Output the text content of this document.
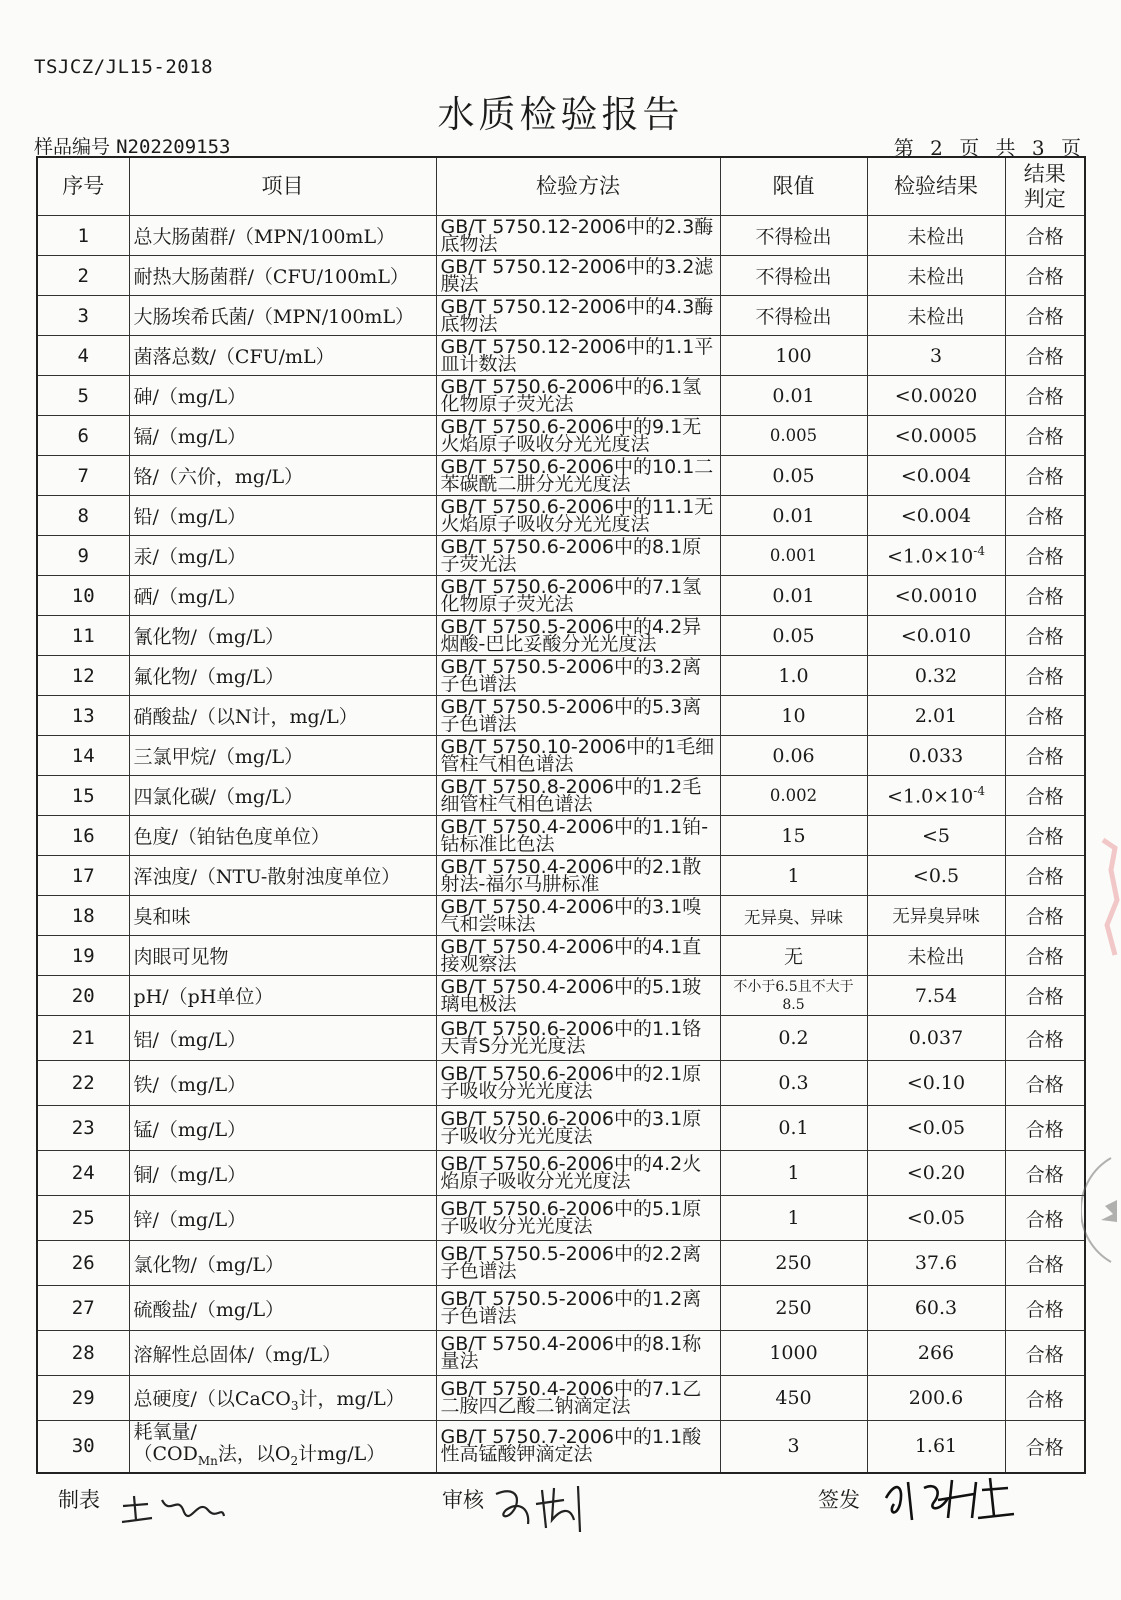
TSJCZ/JL15-2018
水质检验报告
样品编号 N202209153	第 2 页 共 3 页
序号	项目	检验方法	限值	检验结果	结果判定
1	总大肠菌群/（MPN/100mL）	GB/T 5750.12-2006中的2.3酶底物法	不得检出	未检出	合格
2	耐热大肠菌群/（CFU/100mL）	GB/T 5750.12-2006中的3.2滤膜法	不得检出	未检出	合格
3	大肠埃希氏菌/（MPN/100mL）	GB/T 5750.12-2006中的4.3酶底物法	不得检出	未检出	合格
4	菌落总数/（CFU/mL）	GB/T 5750.12-2006中的1.1平皿计数法	100	3	合格
5	砷/（mg/L）	GB/T 5750.6-2006中的6.1氢化物原子荧光法	0.01	<0.0020	合格
6	镉/（mg/L）	GB/T 5750.6-2006中的9.1无火焰原子吸收分光光度法	0.005	<0.0005	合格
7	铬/（六价，mg/L）	GB/T 5750.6-2006中的10.1二苯碳酰二肼分光光度法	0.05	<0.004	合格
8	铅/（mg/L）	GB/T 5750.6-2006中的11.1无火焰原子吸收分光光度法	0.01	<0.004	合格
9	汞/（mg/L）	GB/T 5750.6-2006中的8.1原子荧光法	0.001	$<1.0\times 10^{-4}$	合格
10	硒/（mg/L）	GB/T 5750.6-2006中的7.1氢化物原子荧光法	0.01	<0.0010	合格
11	氰化物/（mg/L）	GB/T 5750.5-2006中的4.2异烟酸-巴比妥酸分光光度法	0.05	<0.010	合格
12	氟化物/（mg/L）	GB/T 5750.5-2006中的3.2离子色谱法	1.0	0.32	合格
13	硝酸盐/（以N计，mg/L）	GB/T 5750.5-2006中的5.3离子色谱法	10	2.01	合格
14	三氯甲烷/（mg/L）	GB/T 5750.10-2006中的1毛细管柱气相色谱法	0.06	0.033	合格
15	四氯化碳/（mg/L）	GB/T 5750.8-2006中的1.2毛细管柱气相色谱法	0.002	$<1.0\times 10^{-4}$	合格
16	色度/（铂钴色度单位）	GB/T 5750.4-2006中的1.1铂-钴标准比色法	15	<5	合格
17	浑浊度/（NTU-散射浊度单位）	GB/T 5750.4-2006中的2.1散射法-福尔马肼标准	1	<0.5	合格
18	臭和味	GB/T 5750.4-2006中的3.1嗅气和尝味法	无异臭、异味	无异臭异味	合格
19	肉眼可见物	GB/T 5750.4-2006中的4.1直接观察法	无	未检出	合格
20	pH/（pH单位）	GB/T 5750.4-2006中的5.1玻璃电极法	不小于6.5且不大于8.5	7.54	合格
21	铝/（mg/L）	GB/T 5750.6-2006中的1.1铬天青S分光光度法	0.2	0.037	合格
22	铁/（mg/L）	GB/T 5750.6-2006中的2.1原子吸收分光光度法	0.3	<0.10	合格
23	锰/（mg/L）	GB/T 5750.6-2006中的3.1原子吸收分光光度法	0.1	<0.05	合格
24	铜/（mg/L）	GB/T 5750.6-2006中的4.2火焰原子吸收分光光度法	1	<0.20	合格
25	锌/（mg/L）	GB/T 5750.6-2006中的5.1原子吸收分光光度法	1	<0.05	合格
26	氯化物/（mg/L）	GB/T 5750.5-2006中的2.2离子色谱法	250	37.6	合格
27	硫酸盐/（mg/L）	GB/T 5750.5-2006中的1.2离子色谱法	250	60.3	合格
28	溶解性总固体/（mg/L）	GB/T 5750.4-2006中的8.1称量法	1000	266	合格
29	总硬度/（以CaCO$_3$计，mg/L）	GB/T 5750.4-2006中的7.1乙二胺四乙酸二钠滴定法	450	200.6	合格
30	耗氧量/
（$COD_{Mn}$法，以$O_2$计mg/L）	GB/T 5750.7-2006中的1.1酸性高锰酸钾滴定法	3	1.61	合格
制表	审核	签发
